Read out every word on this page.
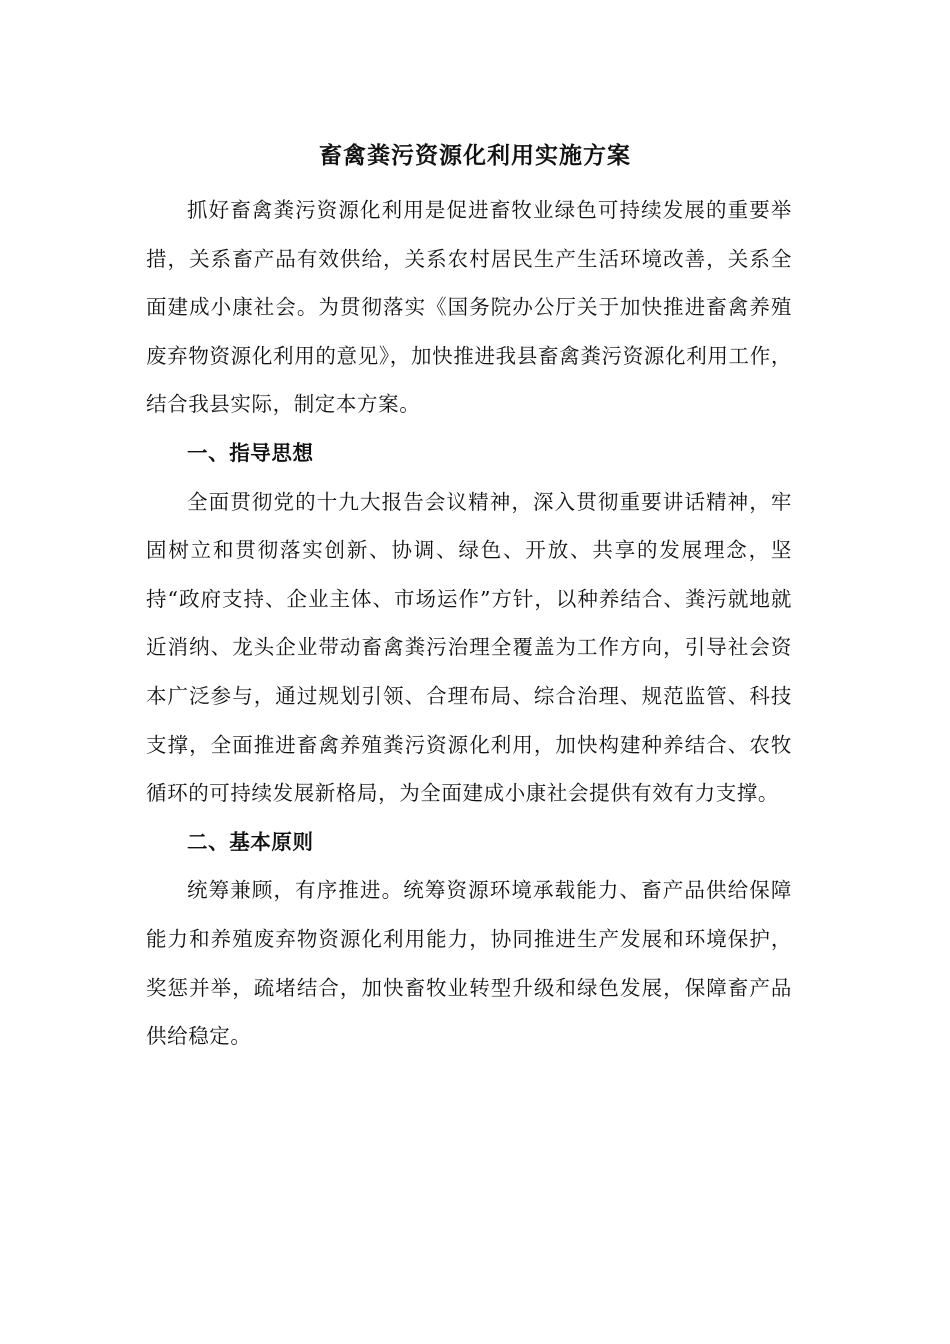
畜禽粪污资源化利用实施方案

抓好畜禽粪污资源化利用是促进畜牧业绿色可持续发展的重要举措，关系畜产品有效供给，关系农村居民生产生活环境改善，关系全面建成小康社会。为贯彻落实《国务院办公厅关于加快推进畜禽养殖废弃物资源化利用的意见》，加快推进我县畜禽粪污资源化利用工作，结合我县实际，制定本方案。

一、指导思想

全面贯彻党的十九大报告会议精神，深入贯彻重要讲话精神，牢固树立和贯彻落实创新、协调、绿色、开放、共享的发展理念，坚持“政府支持、企业主体、市场运作”方针，以种养结合、粪污就地就近消纳、龙头企业带动畜禽粪污治理全覆盖为工作方向，引导社会资本广泛参与，通过规划引领、合理布局、综合治理、规范监管、科技支撑，全面推进畜禽养殖粪污资源化利用，加快构建种养结合、农牧循环的可持续发展新格局，为全面建成小康社会提供有效有力支撑。

二、基本原则

统筹兼顾，有序推进。统筹资源环境承载能力、畜产品供给保障能力和养殖废弃物资源化利用能力，协同推进生产发展和环境保护，奖惩并举，疏堵结合，加快畜牧业转型升级和绿色发展，保障畜产品供给稳定。
